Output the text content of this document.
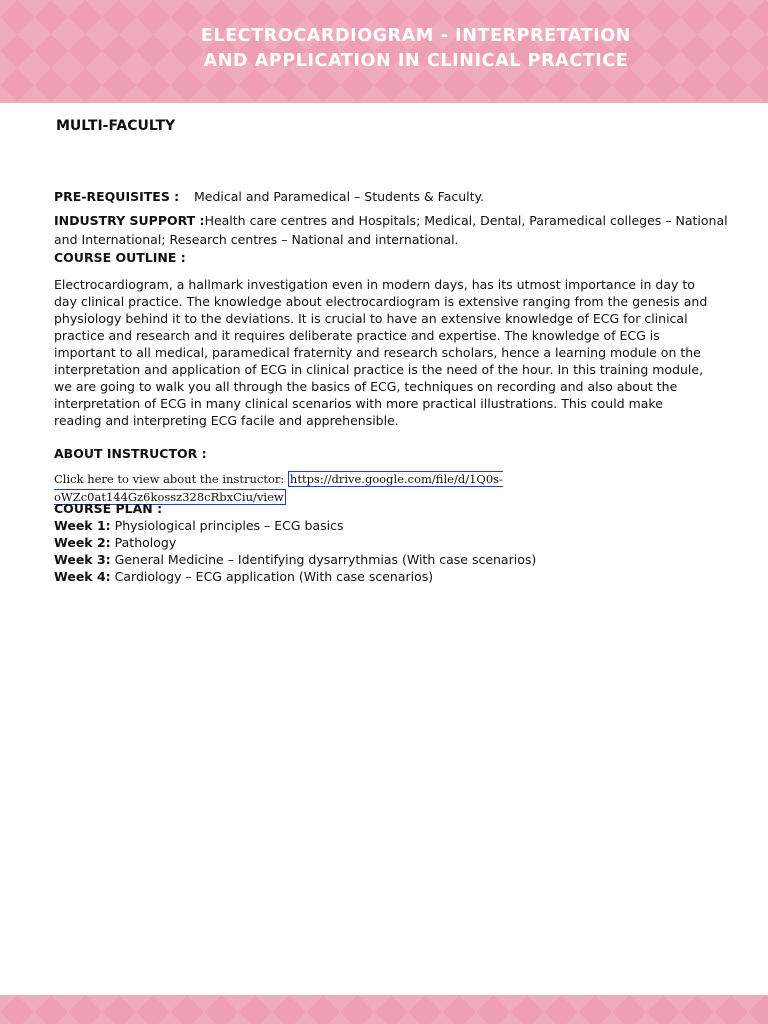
ELECTROCARDIOGRAM - INTERPRETATION
AND APPLICATION IN CLINICAL PRACTICE
MULTI-FACULTY
PRE-REQUISITES : Medical and Paramedical – Students & Faculty.
INDUSTRY SUPPORT :Health care centres and Hospitals; Medical, Dental, Paramedical colleges – National
and International; Research centres – National and international.
COURSE OUTLINE :
Electrocardiogram, a hallmark investigation even in modern days, has its utmost importance in day to day clinical practice. The knowledge about electrocardiogram is extensive ranging from the genesis and physiology behind it to the deviations. It is crucial to have an extensive knowledge of ECG for clinical practice and research and it requires deliberate practice and expertise. The knowledge of ECG is important to all medical, paramedical fraternity and research scholars, hence a learning module on the interpretation and application of ECG in clinical practice is the need of the hour. In this training module, we are going to walk you all through the basics of ECG, techniques on recording and also about the interpretation of ECG in many clinical scenarios with more practical illustrations. This could make reading and interpreting ECG facile and apprehensible.
ABOUT INSTRUCTOR :
Click here to view about the instructor: https://drive.google.com/file/d/1Q0s-oWZc0at144Gz6kossz328cRbxCiu/view
COURSE PLAN :
Week 1: Physiological principles – ECG basics
Week 2: Pathology
Week 3: General Medicine – Identifying dysarrythmias (With case scenarios)
Week 4: Cardiology – ECG application (With case scenarios)
